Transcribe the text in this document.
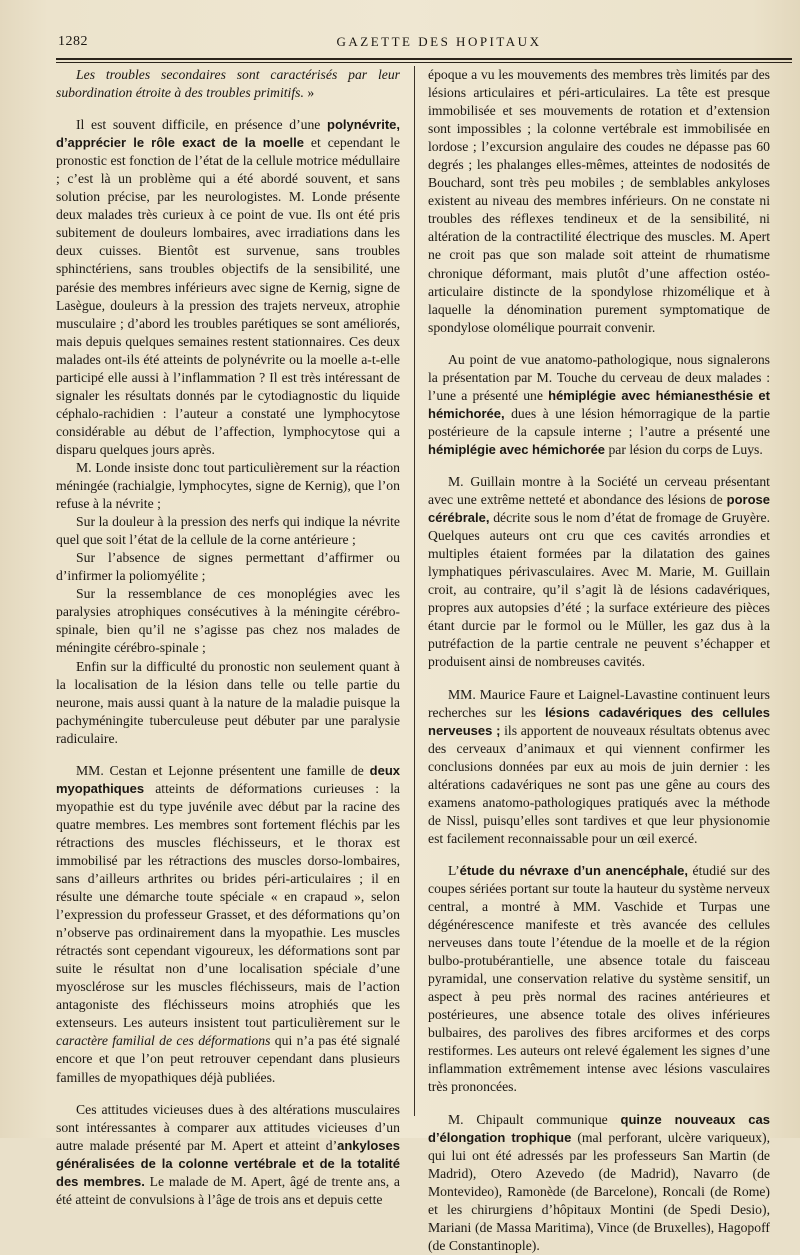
1282	GAZETTE DES HOPITAUX

Les troubles secondaires sont caractérisés par leur subordination étroite à des troubles primitifs. »

Il est souvent difficile, en présence d’une polynévrite, d’apprécier le rôle exact de la moelle et cependant le pronostic est fonction de l’état de la cellule motrice médullaire ; c’est là un problème qui a été abordé souvent, et sans solution précise, par les neurologistes. M. Londe présente deux malades très curieux à ce point de vue. Ils ont été pris subitement de douleurs lombaires, avec irradiations dans les deux cuisses. Bientôt est survenue, sans troubles sphinctériens, sans troubles objectifs de la sensibilité, une parésie des membres inférieurs avec signe de Kernig, signe de Lasègue, douleurs à la pression des trajets nerveux, atrophie musculaire ; d’abord les troubles parétiques se sont améliorés, mais depuis quelques semaines restent stationnaires. Ces deux malades ont-ils été atteints de polynévrite ou la moelle a-t-elle participé elle aussi à l’inflammation ? Il est très intéressant de signaler les résultats donnés par le cytodiagnostic du liquide céphalo-rachidien : l’auteur a constaté une lymphocytose considérable au début de l’affection, lymphocytose qui a disparu quelques jours après.

M. Londe insiste donc tout particulièrement sur la réaction méningée (rachialgie, lymphocytes, signe de Kernig), que l’on refuse à la névrite ;

Sur la douleur à la pression des nerfs qui indique la névrite quel que soit l’état de la cellule de la corne antérieure ;

Sur l’absence de signes permettant d’affirmer ou d’infirmer la poliomyélite ;

Sur la ressemblance de ces monoplégies avec les paralysies atrophiques consécutives à la méningite cérébro-spinale, bien qu’il ne s’agisse pas chez nos malades de méningite cérébro-spinale ;

Enfin sur la difficulté du pronostic non seulement quant à la localisation de la lésion dans telle ou telle partie du neurone, mais aussi quant à la nature de la maladie puisque la pachyméningite tuberculeuse peut débuter par une paralysie radiculaire.

MM. Cestan et Lejonne présentent une famille de deux myopathiques atteints de déformations curieuses : la myopathie est du type juvénile avec début par la racine des quatre membres. Les membres sont fortement fléchis par les rétractions des muscles fléchisseurs, et le thorax est immobilisé par les rétractions des muscles dorso-lombaires, sans d’ailleurs arthrites ou brides péri-articulaires ; il en résulte une démarche toute spéciale « en crapaud », selon l’expression du professeur Grasset, et des déformations qu’on n’observe pas ordinairement dans la myopathie. Les muscles rétractés sont cependant vigoureux, les déformations sont par suite le résultat non d’une localisation spéciale d’une myosclérose sur les muscles fléchisseurs, mais de l’action antagoniste des fléchisseurs moins atrophiés que les extenseurs. Les auteurs insistent tout particulièrement sur le caractère familial de ces déformations qui n’a pas été signalé encore et que l’on peut retrouver cependant dans plusieurs familles de myopathiques déjà publiées.

Ces attitudes vicieuses dues à des altérations musculaires sont intéressantes à comparer aux attitudes vicieuses d’un autre malade présenté par M. Apert et atteint d’ankyloses généralisées de la colonne vertébrale et de la totalité des membres. Le malade de M. Apert, âgé de trente ans, a été atteint de convulsions à l’âge de trois ans et depuis cette

époque a vu les mouvements des membres très limités par des lésions articulaires et péri-articulaires. La tête est presque immobilisée et ses mouvements de rotation et d’extension sont impossibles ; la colonne vertébrale est immobilisée en lordose ; l’excursion angulaire des coudes ne dépasse pas 60 degrés ; les phalanges elles-mêmes, atteintes de nodosités de Bouchard, sont très peu mobiles ; de semblables ankyloses existent au niveau des membres inférieurs. On ne constate ni troubles des réflexes tendineux et de la sensibilité, ni altération de la contractilité électrique des muscles. M. Apert ne croit pas que son malade soit atteint de rhumatisme chronique déformant, mais plutôt d’une affection ostéo-articulaire distincte de la spondylose rhizomélique et à laquelle la dénomination purement symptomatique de spondylose olomélique pourrait convenir.

Au point de vue anatomo-pathologique, nous signalerons la présentation par M. Touche du cerveau de deux malades : l’une a présenté une hémiplégie avec hémianesthésie et hémichorée, dues à une lésion hémorragique de la partie postérieure de la capsule interne ; l’autre a présenté une hémiplégie avec hémichorée par lésion du corps de Luys.

M. Guillain montre à la Société un cerveau présentant avec une extrême netteté et abondance des lésions de porose cérébrale, décrite sous le nom d’état de fromage de Gruyère. Quelques auteurs ont cru que ces cavités arrondies et multiples étaient formées par la dilatation des gaines lymphatiques périvasculaires. Avec M. Marie, M. Guillain croit, au contraire, qu’il s’agit là de lésions cadavériques, propres aux autopsies d’été ; la surface extérieure des pièces étant durcie par le formol ou le Müller, les gaz dus à la putréfaction de la partie centrale ne peuvent s’échapper et produisent ainsi de nombreuses cavités.

MM. Maurice Faure et Laignel-Lavastine continuent leurs recherches sur les lésions cadavériques des cellules nerveuses ; ils apportent de nouveaux résultats obtenus avec des cerveaux d’animaux et qui viennent confirmer les conclusions données par eux au mois de juin dernier : les altérations cadavériques ne sont pas une gêne au cours des examens anatomo-pathologiques pratiqués avec la méthode de Nissl, puisqu’elles sont tardives et que leur physionomie est facilement reconnaissable pour un œil exercé.

L’étude du névraxe d’un anencéphale, étudié sur des coupes sériées portant sur toute la hauteur du système nerveux central, a montré à MM. Vaschide et Turpas une dégénérescence manifeste et très avancée des cellules nerveuses dans toute l’étendue de la moelle et de la région bulbo-protubérantielle, une absence totale du faisceau pyramidal, une conservation relative du système sensitif, un aspect à peu près normal des racines antérieures et postérieures, une absence totale des olives inférieures bulbaires, des parolives des fibres arciformes et des corps restiformes. Les auteurs ont relevé également les signes d’une inflammation extrêmement intense avec lésions vasculaires très prononcées.

M. Chipault communique quinze nouveaux cas d’élongation trophique (mal perforant, ulcère variqueux), qui lui ont été adressés par les professeurs San Martin (de Madrid), Otero Azevedo (de Madrid), Navarro (de Montevideo), Ramonède (de Barcelone), Roncali (de Rome) et les chirurgiens d’hôpitaux Montini (de Spedi Desio), Mariani (de Massa Maritima), Vince (de Bruxelles), Hagopoff (de Constantinople).
